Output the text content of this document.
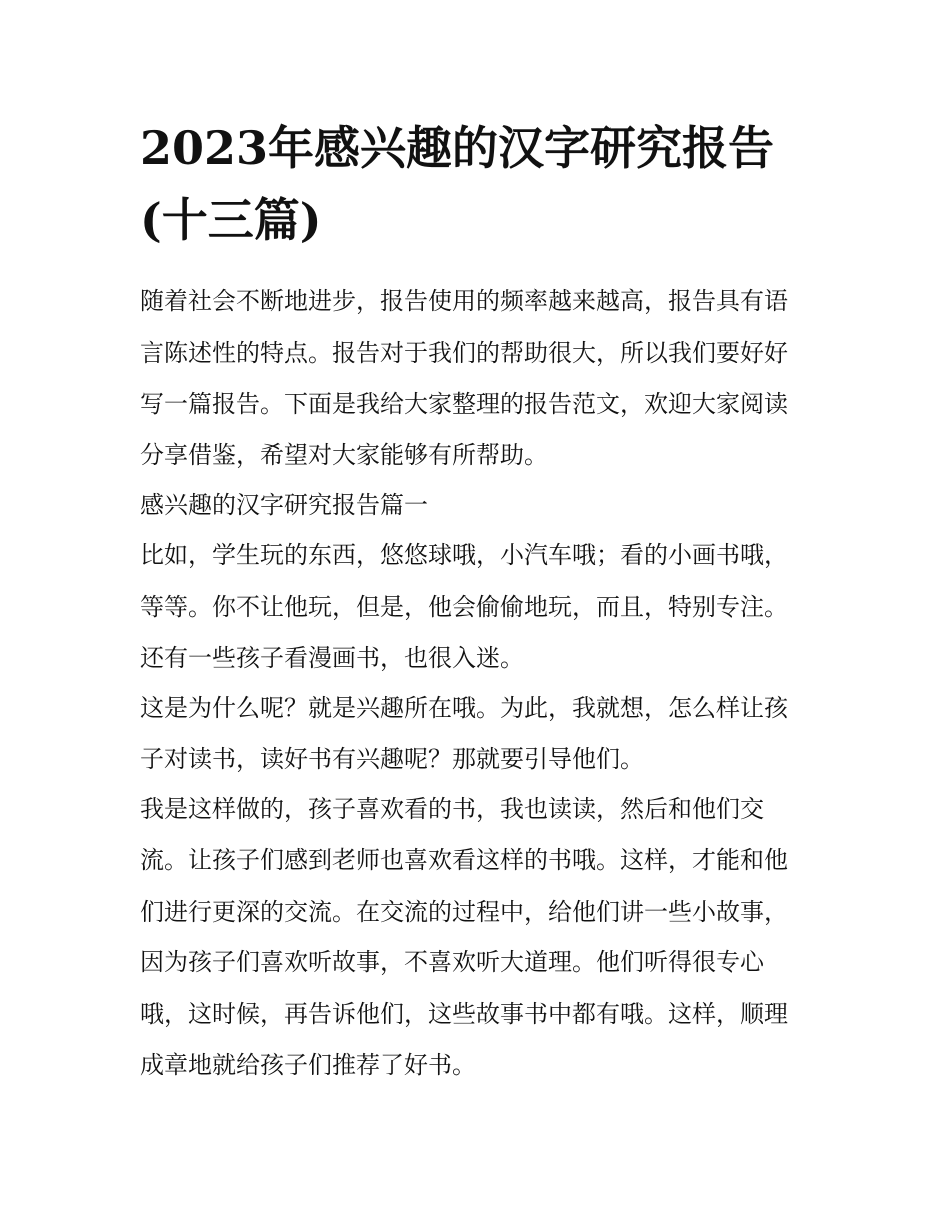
2023年感兴趣的汉字研究报告
(十三篇)

随着社会不断地进步，报告使用的频率越来越高，报告具有语

言陈述性的特点。报告对于我们的帮助很大，所以我们要好好

写一篇报告。下面是我给大家整理的报告范文，欢迎大家阅读

分享借鉴，希望对大家能够有所帮助。

感兴趣的汉字研究报告篇一

比如，学生玩的东西，悠悠球哦，小汽车哦；看的小画书哦，

等等。你不让他玩，但是，他会偷偷地玩，而且，特别专注。

还有一些孩子看漫画书，也很入迷。

这是为什么呢？就是兴趣所在哦。为此，我就想，怎么样让孩

子对读书，读好书有兴趣呢？那就要引导他们。

我是这样做的，孩子喜欢看的书，我也读读，然后和他们交

流。让孩子们感到老师也喜欢看这样的书哦。这样，才能和他

们进行更深的交流。在交流的过程中，给他们讲一些小故事，

因为孩子们喜欢听故事，不喜欢听大道理。他们听得很专心

哦，这时候，再告诉他们，这些故事书中都有哦。这样，顺理

成章地就给孩子们推荐了好书。
